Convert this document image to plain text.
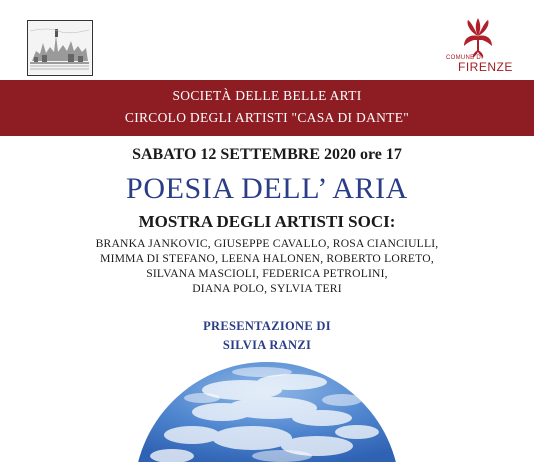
COMUNE DI
FIRENZE
SOCIETÀ DELLE BELLE ARTI
CIRCOLO DEGLI ARTISTI "CASA DI DANTE"
SABATO 12 SETTEMBRE 2020 ore 17
POESIA DELL’ ARIA
MOSTRA DEGLI ARTISTI SOCI:
BRANKA JANKOVIC, GIUSEPPE CAVALLO, ROSA CIANCIULLI,
MIMMA DI STEFANO, LEENA HALONEN, ROBERTO LORETO,
SILVANA MASCIOLI, FEDERICA PETROLINI,
DIANA POLO, SYLVIA TERI
PRESENTAZIONE DI
SILVIA RANZI
